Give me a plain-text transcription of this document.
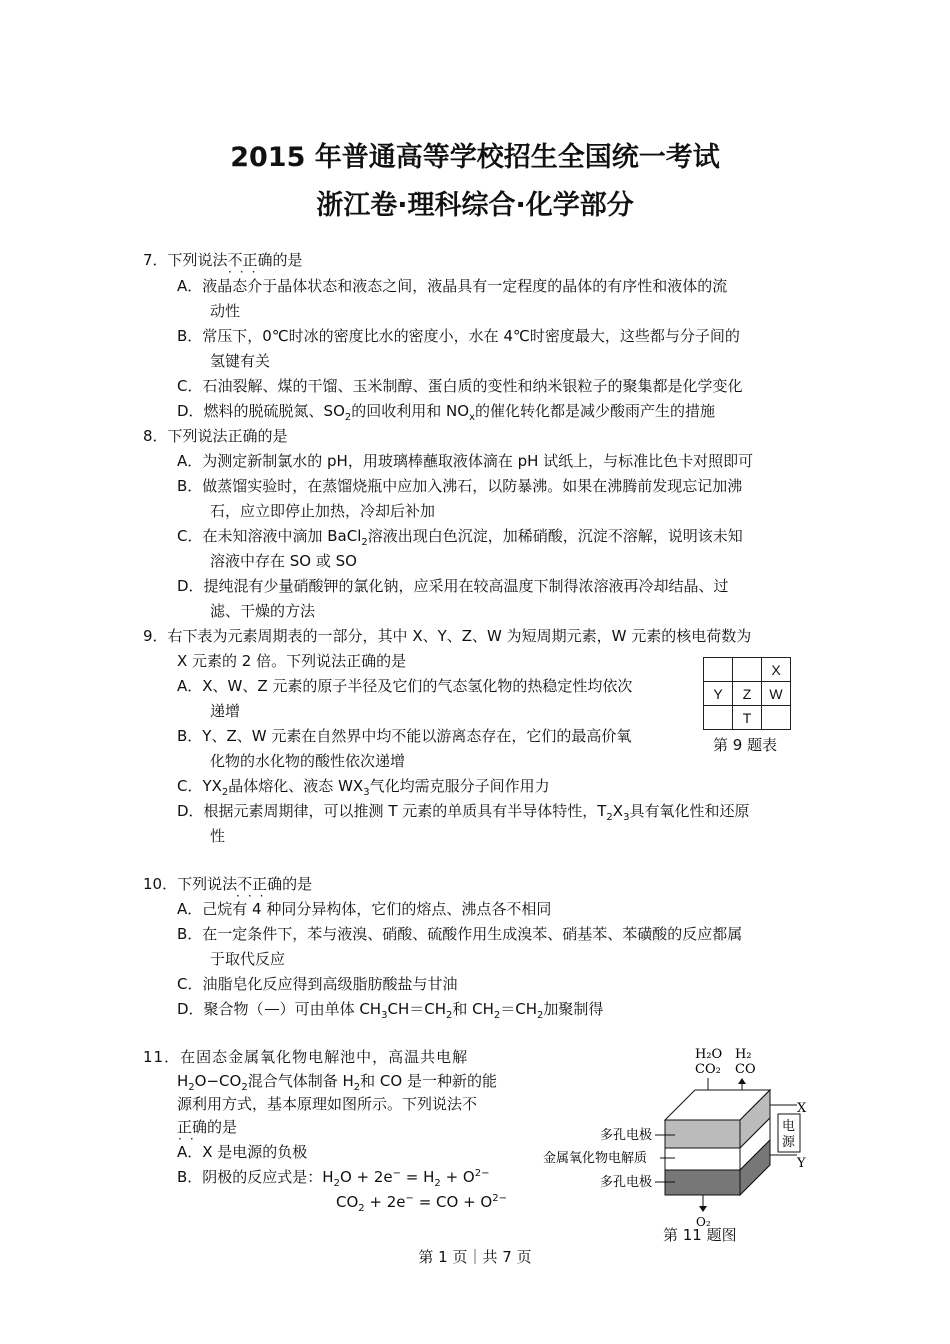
2015 年普通高等学校招生全国统一考试
浙江卷·理科综合·化学部分
7．下列说法不正确的是
···
A．液晶态介于晶体状态和液态之间，液晶具有一定程度的晶体的有序性和液体的流
动性
B．常压下，0℃时冰的密度比水的密度小，水在 4℃时密度最大，这些都与分子间的
氢键有关
C．石油裂解、煤的干馏、玉米制醇、蛋白质的变性和纳米银粒子的聚集都是化学变化
D．燃料的脱硫脱氮、$SO_2$的回收利用和 $NO_x$的催化转化都是减少酸雨产生的措施
8．下列说法正确的是
A．为测定新制氯水的 pH，用玻璃棒蘸取液体滴在 pH 试纸上，与标准比色卡对照即可
B．做蒸馏实验时，在蒸馏烧瓶中应加入沸石，以防暴沸。如果在沸腾前发现忘记加沸
石，应立即停止加热，冷却后补加
C．在未知溶液中滴加 BaCl$_2$溶液出现白色沉淀，加稀硝酸，沉淀不溶解，说明该未知
溶液中存在 SO 或 SO
D．提纯混有少量硝酸钾的氯化钠，应采用在较高温度下制得浓溶液再冷却结晶、过
滤、干燥的方法
9．右下表为元素周期表的一部分，其中 X、Y、Z、W 为短周期元素，W 元素的核电荷数为
X 元素的 2 倍。下列说法正确的是
A．X、W、Z 元素的原子半径及它们的气态氢化物的热稳定性均依次
递增
B．Y、Z、W 元素在自然界中均不能以游离态存在，它们的最高价氧
化物的水化物的酸性依次递增
C．$YX_2$晶体熔化、液态 $WX_3$气化均需克服分子间作用力
D．根据元素周期律，可以推测 T 元素的单质具有半导体特性，$T_2X_3$具有氧化性和还原
性
		X
Y	Z	W
	T	
第 9 题表
10．下列说法不正确的是
···
A．己烷有 4 种同分异构体，它们的熔点、沸点各不相同
B．在一定条件下，苯与液溴、硝酸、硫酸作用生成溴苯、硝基苯、苯磺酸的反应都属
于取代反应
C．油脂皂化反应得到高级脂肪酸盐与甘油
D．聚合物（ ）可由单体 $CH_3CH=CH_2$和 $CH_2=CH_2$加聚制得
11．在固态金属氧化物电解池中，高温共电解
$H_2O-CO_2$混合气体制备 $H_2$和 CO 是一种新的能
源利用方式，基本原理如图所示。下列说法不
正确的是
··
A．X 是电源的负极
B．阴极的反应式是：$H_2O + 2e^- = H_2 + O^{2-}$
$CO_2 + 2e^-$ = CO + $O^{2-}$
H₂O
CO₂
H₂
CO
多孔电极
金属氧化物电解质
多孔电极
电
源
X
Y
O₂
第 11 题图
第 1 页｜共 7 页
